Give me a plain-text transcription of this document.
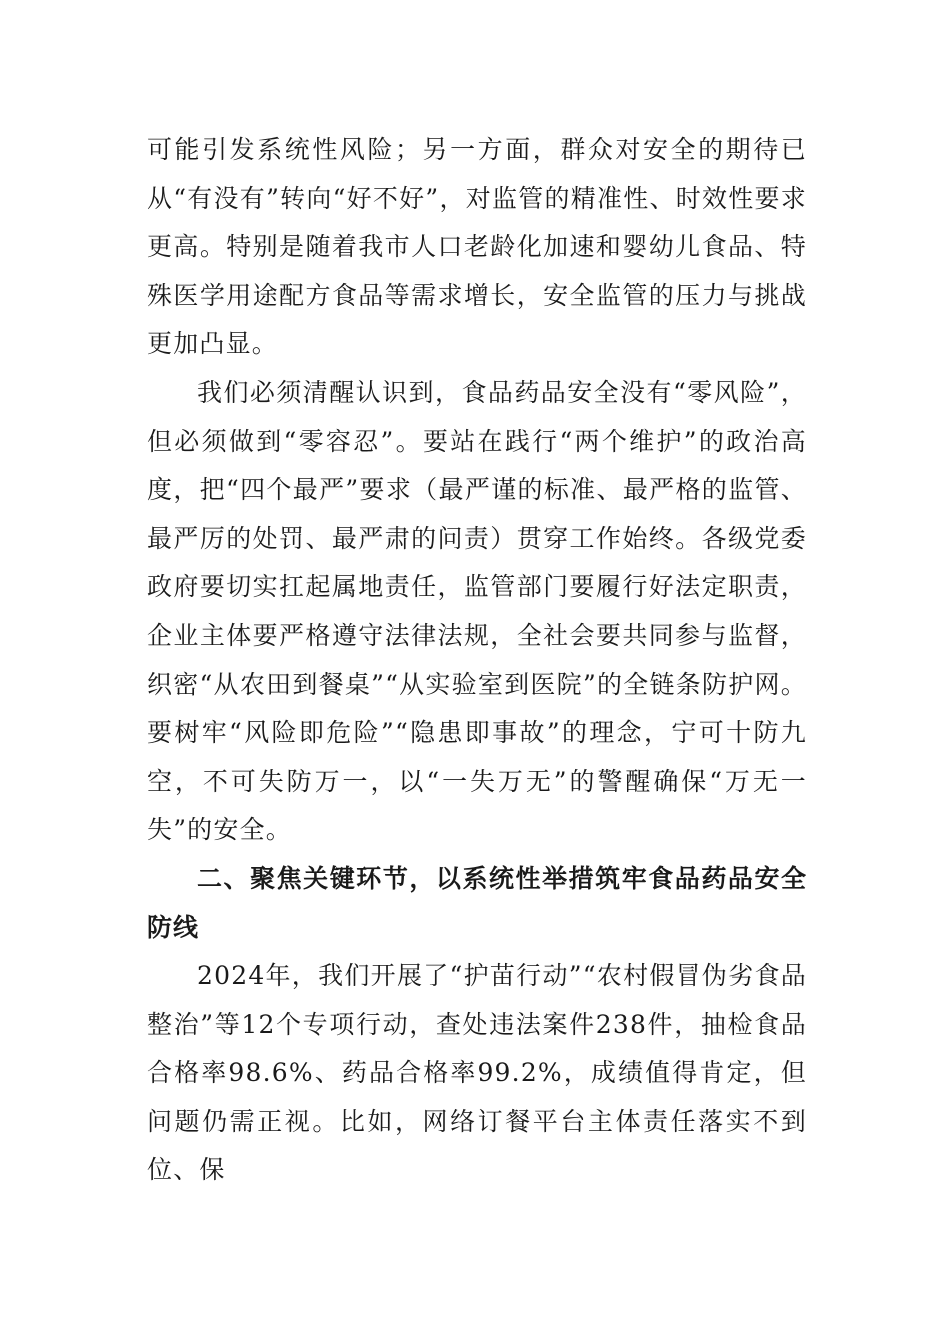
可能引发系统性风险；另一方面，群众对安全的期待已从“有没有”转向“好不好”，对监管的精准性、时效性要求更高。特别是随着我市人口老龄化加速和婴幼儿食品、特殊医学用途配方食品等需求增长，安全监管的压力与挑战更加凸显。

我们必须清醒认识到，食品药品安全没有“零风险”，但必须做到“零容忍”。要站在践行“两个维护”的政治高度，把“四个最严”要求（最严谨的标准、最严格的监管、最严厉的处罚、最严肃的问责）贯穿工作始终。各级党委政府要切实扛起属地责任，监管部门要履行好法定职责，企业主体要严格遵守法律法规，全社会要共同参与监督，织密“从农田到餐桌”“从实验室到医院”的全链条防护网。要树牢“风险即危险”“隐患即事故”的理念，宁可十防九空，不可失防万一，以“一失万无”的警醒确保“万无一失”的安全。

二、聚焦关键环节，以系统性举措筑牢食品药品安全防线

2024年，我们开展了“护苗行动”“农村假冒伪劣食品整治”等12个专项行动，查处违法案件238件，抽检食品合格率98.6%、药品合格率99.2%，成绩值得肯定，但问题仍需正视。比如，网络订餐平台主体责任落实不到位、保
